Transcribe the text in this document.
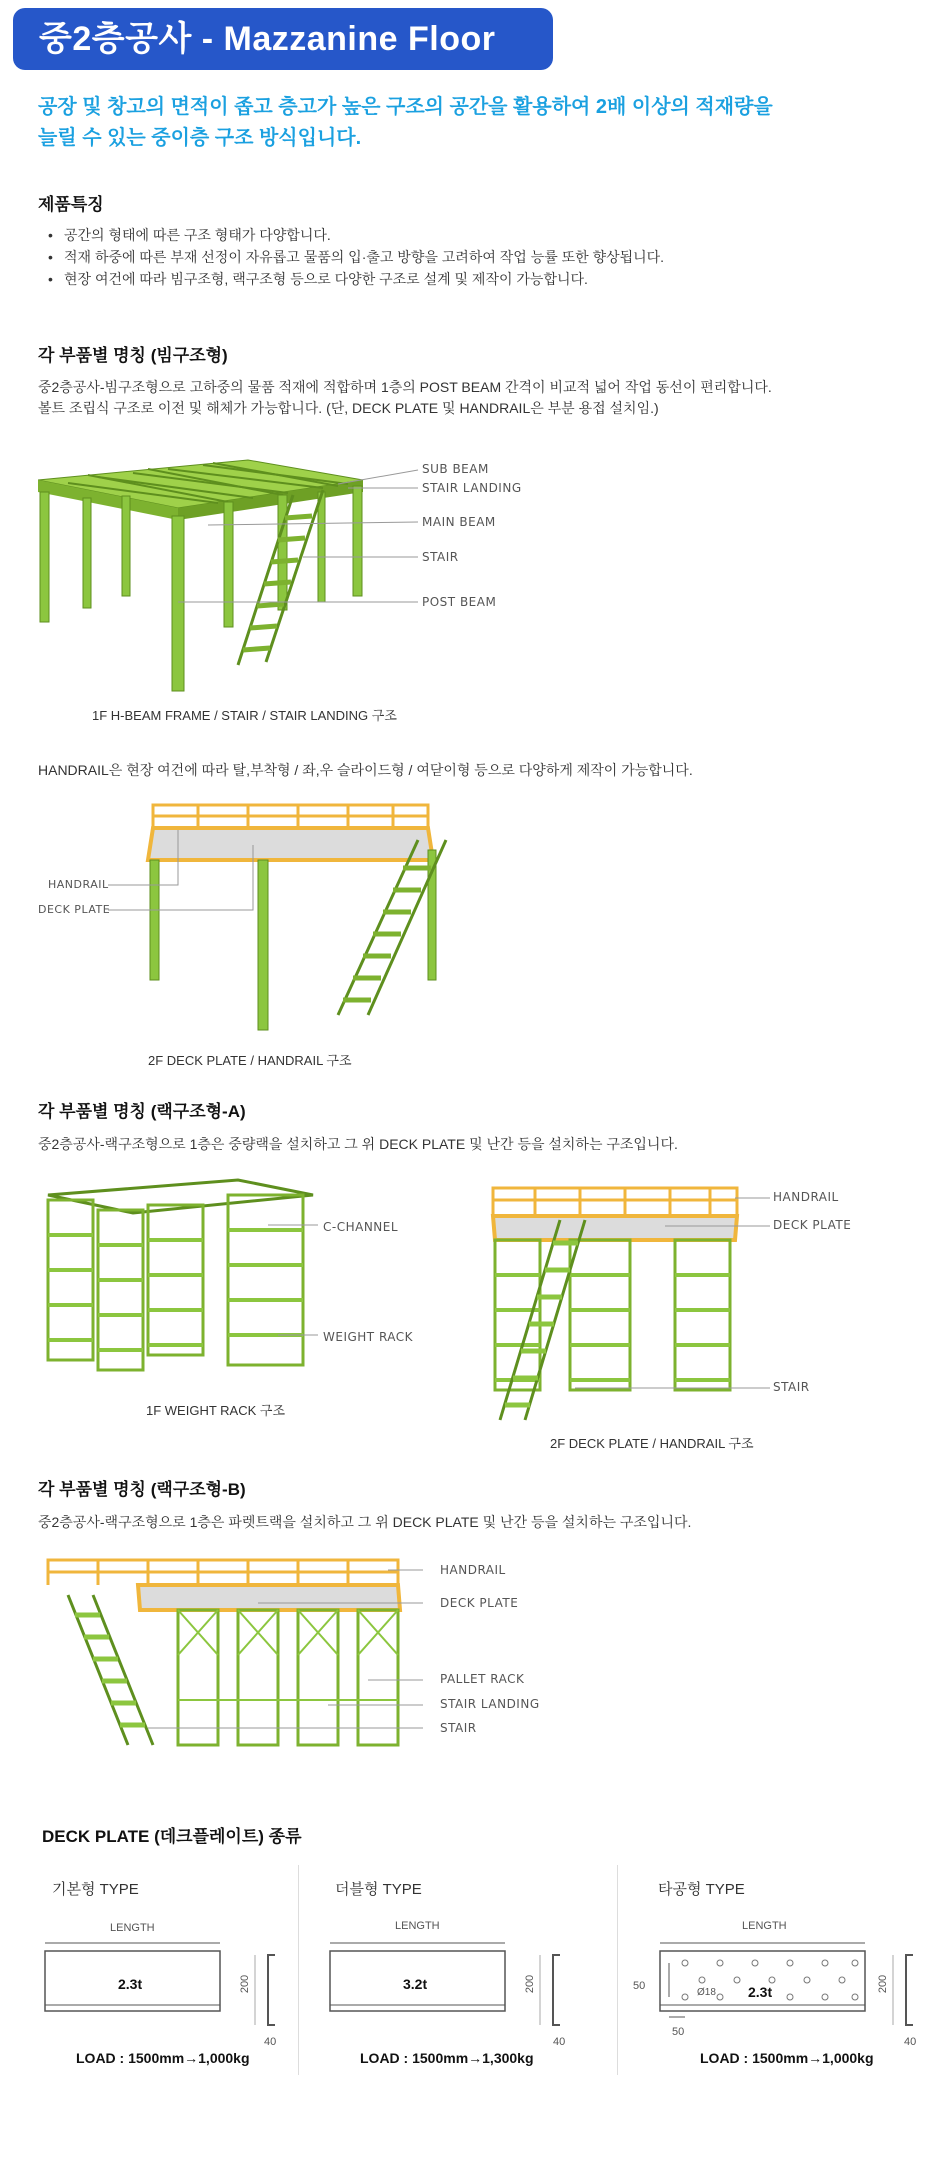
중2층공사 - Mazzanine Floor
공장 및 창고의 면적이 좁고 층고가 높은 구조의 공간을 활용하여 2배 이상의 적재량을
늘릴 수 있는 중이층 구조 방식입니다.
제품특징
• 공간의 형태에 따른 구조 형태가 다양합니다.
• 적재 하중에 따른 부재 선정이 자유롭고 물품의 입·출고 방향을 고려하여 작업 능률 또한 향상됩니다.
• 현장 여건에 따라 빔구조형, 랙구조형 등으로 다양한 구조로 설계 및 제작이 가능합니다.
각 부품별 명칭 (빔구조형)
중2층공사-빔구조형으로 고하중의 물품 적재에 적합하며 1층의 POST BEAM 간격이 비교적 넓어 작업 동선이 편리합니다.
볼트 조립식 구조로 이전 및 해체가 가능합니다. (단, DECK PLATE 및 HANDRAIL은 부분 용접 설치임.)
SUB BEAM
STAIR LANDING
MAIN BEAM
STAIR
POST BEAM
1F H-BEAM FRAME / STAIR / STAIR LANDING 구조
HANDRAIL은 현장 여건에 따라 탈,부착형 / 좌,우 슬라이드형 / 여닫이형 등으로 다양하게 제작이 가능합니다.
HANDRAIL
DECK PLATE
2F DECK PLATE / HANDRAIL 구조
각 부품별 명칭 (랙구조형-A)
중2층공사-랙구조형으로 1층은 중량랙을 설치하고 그 위 DECK PLATE 및 난간 등을 설치하는 구조입니다.
C-CHANNEL
WEIGHT RACK
1F WEIGHT RACK 구조
HANDRAIL
DECK PLATE
STAIR
2F DECK PLATE / HANDRAIL 구조
각 부품별 명칭 (랙구조형-B)
중2층공사-랙구조형으로 1층은 파렛트랙을 설치하고 그 위 DECK PLATE 및 난간 등을 설치하는 구조입니다.
HANDRAIL
DECK PLATE
PALLET RACK
STAIR LANDING
STAIR
DECK PLATE (데크플레이트) 종류
기본형 TYPE
LENGTH
2.3t	200
40
LOAD : 1500mm→1,000kg
더블형 TYPE
LENGTH
3.2t	200
40
LOAD : 1500mm→1,300kg
타공형 TYPE
LENGTH
2.3t
Ø18
50
50
200
40
LOAD : 1500mm→1,000kg
